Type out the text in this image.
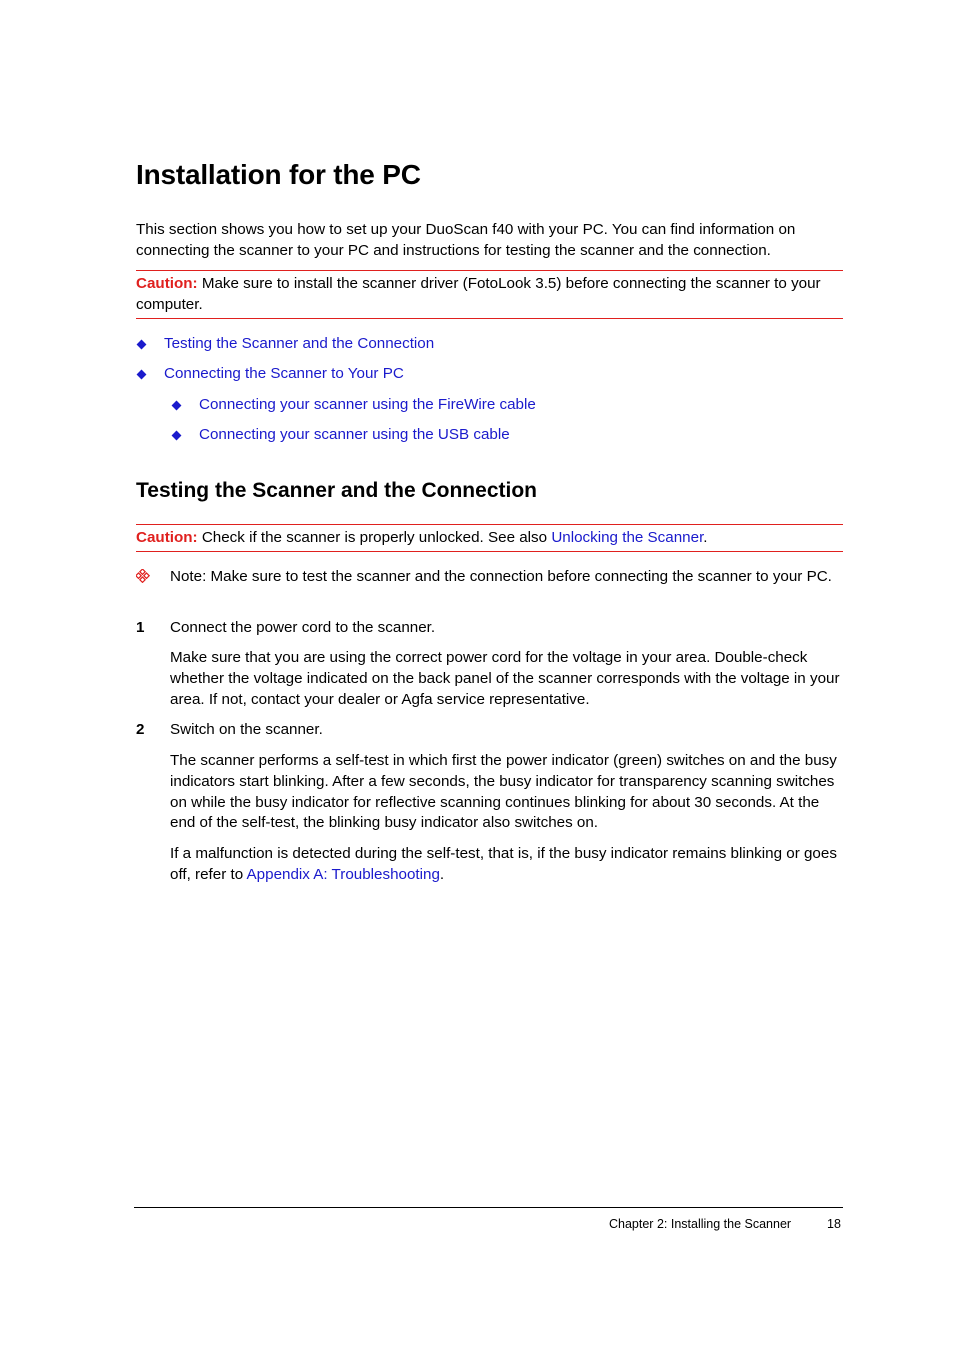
Installation for the PC

This section shows you how to set up your DuoScan f40 with your PC. You can find information on connecting the scanner to your PC and instructions for testing the scanner and the connection.

Caution: Make sure to install the scanner driver (FotoLook 3.5) before connecting the scanner to your computer.
Testing the Scanner and the Connection
Connecting the Scanner to Your PC
Connecting your scanner using the FireWire cable
Connecting your scanner using the USB cable
Testing the Scanner and the Connection
Caution: Check if the scanner is properly unlocked. See also Unlocking the Scanner.

Note: Make sure to test the scanner and the connection before connecting the scanner to your PC.

1 Connect the power cord to the scanner.

Make sure that you are using the correct power cord for the voltage in your area. Double-check whether the voltage indicated on the back panel of the scanner corresponds with the voltage in your area. If not, contact your dealer or Agfa service representative.

2 Switch on the scanner.

The scanner performs a self-test in which first the power indicator (green) switches on and the busy indicators start blinking. After a few seconds, the busy indicator for transparency scanning switches on while the busy indicator for reflective scanning continues blinking for about 30 seconds. At the end of the self-test, the blinking busy indicator also switches on.

If a malfunction is detected during the self-test, that is, if the busy indicator remains blinking or goes off, refer to Appendix A: Troubleshooting.

Chapter 2: Installing the Scanner	18
